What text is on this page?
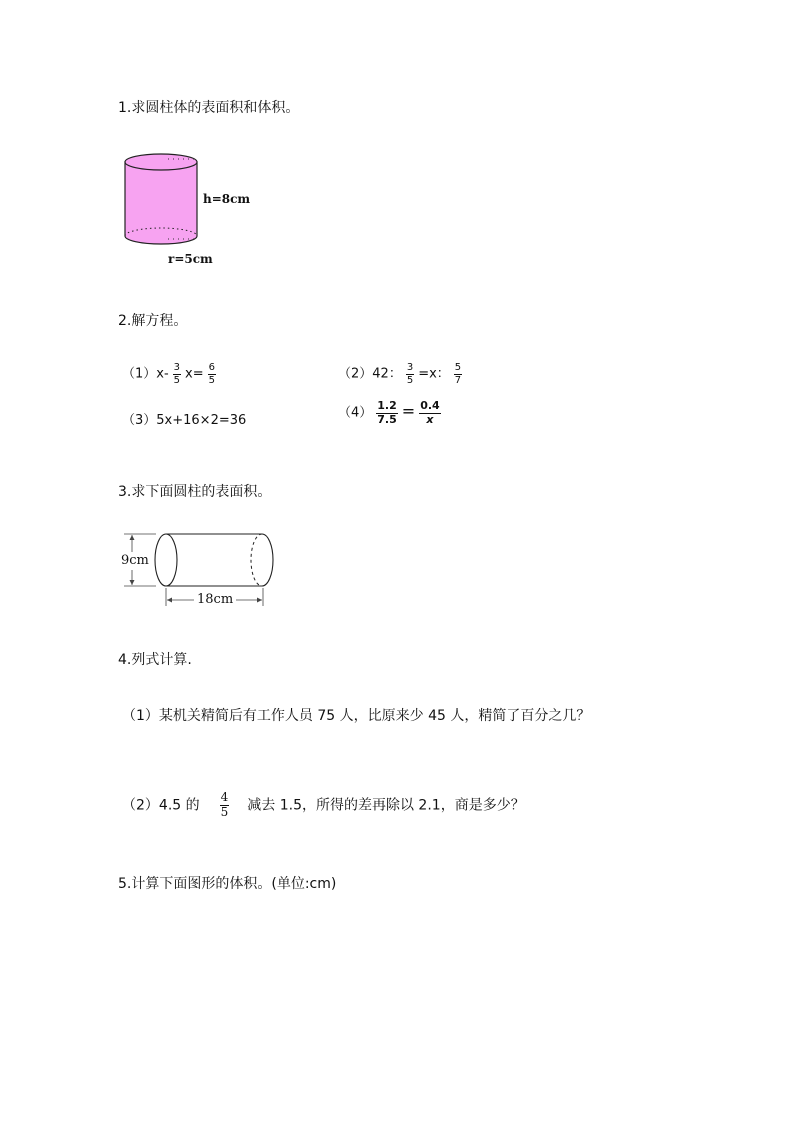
1.求圆柱体的表面积和体积。
h=8cm
r=5cm
2.解方程。
$(1)x- \frac{3}{5} x= \frac{6}{5}$	（2）42： $\frac{3}{5} =x$： $\frac{5}{7}$
（3）5x+16×2=36	$(4) \frac{1.2}{7.5} = \frac{0.4}{x}$
3.求下面圆柱的表面积。
9cm
18cm
4.列式计算.
（1）某机关精简后有工作人员 75 人，比原来少 45 人，精简了百分之几？
（2）4.5 的 $\frac{4}{5}$ 减去 1.5，所得的差再除以 2.1，商是多少？
5.计算下面图形的体积。(单位:cm)
